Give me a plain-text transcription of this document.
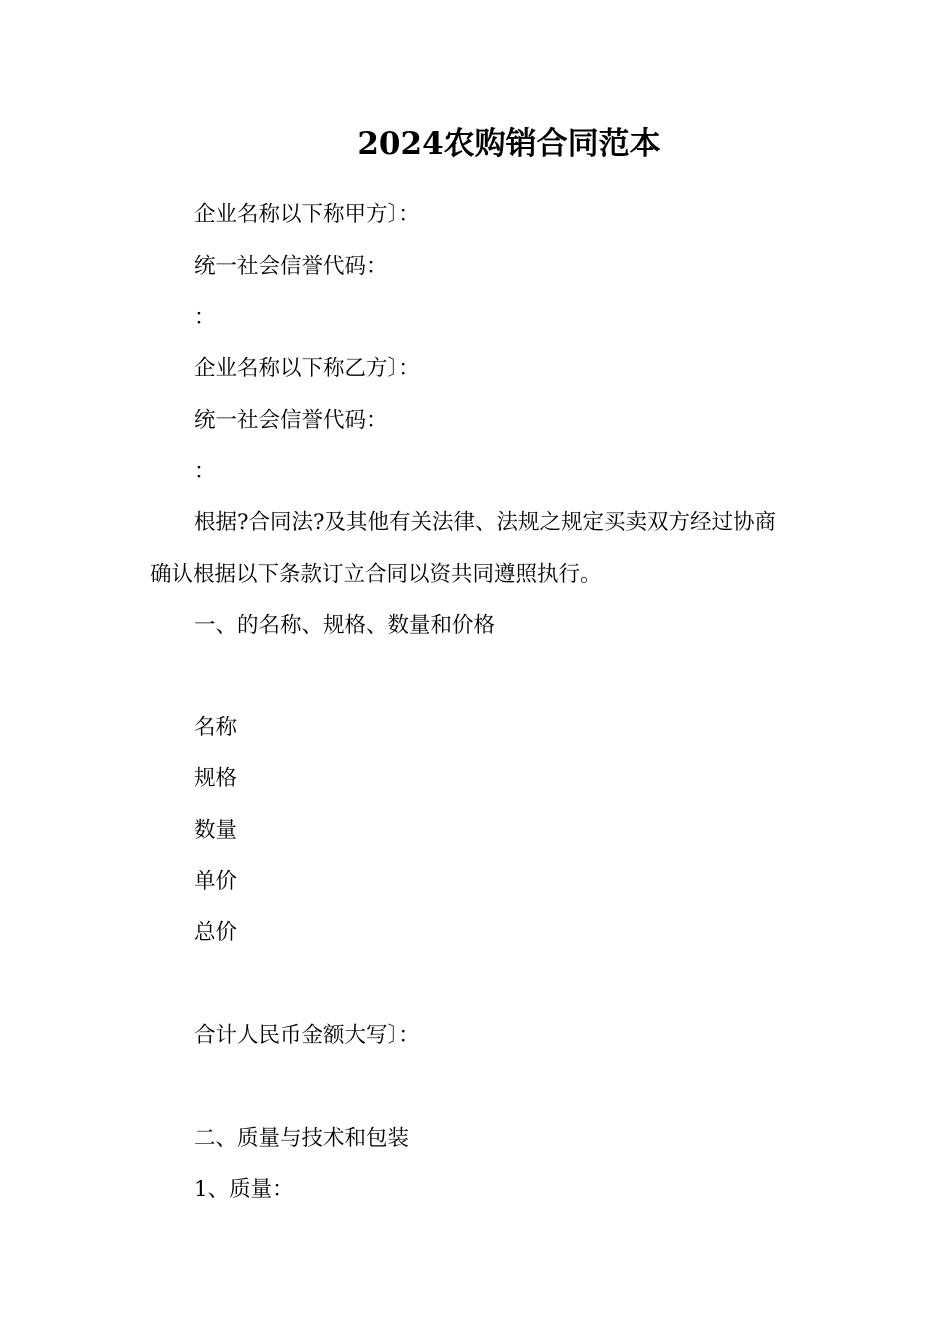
2024农购销合同范本
企业名称以下称甲方〕：
统一社会信誉代码：
：
企业名称以下称乙方〕：
统一社会信誉代码：
：
根据?合同法?及其他有关法律、法规之规定买卖双方经过协商
确认根据以下条款订立合同以资共同遵照执行。
一、的名称、规格、数量和价格
名称
规格
数量
单价
总价
合计人民币金额大写〕：
二、质量与技术和包装
1、质量：
